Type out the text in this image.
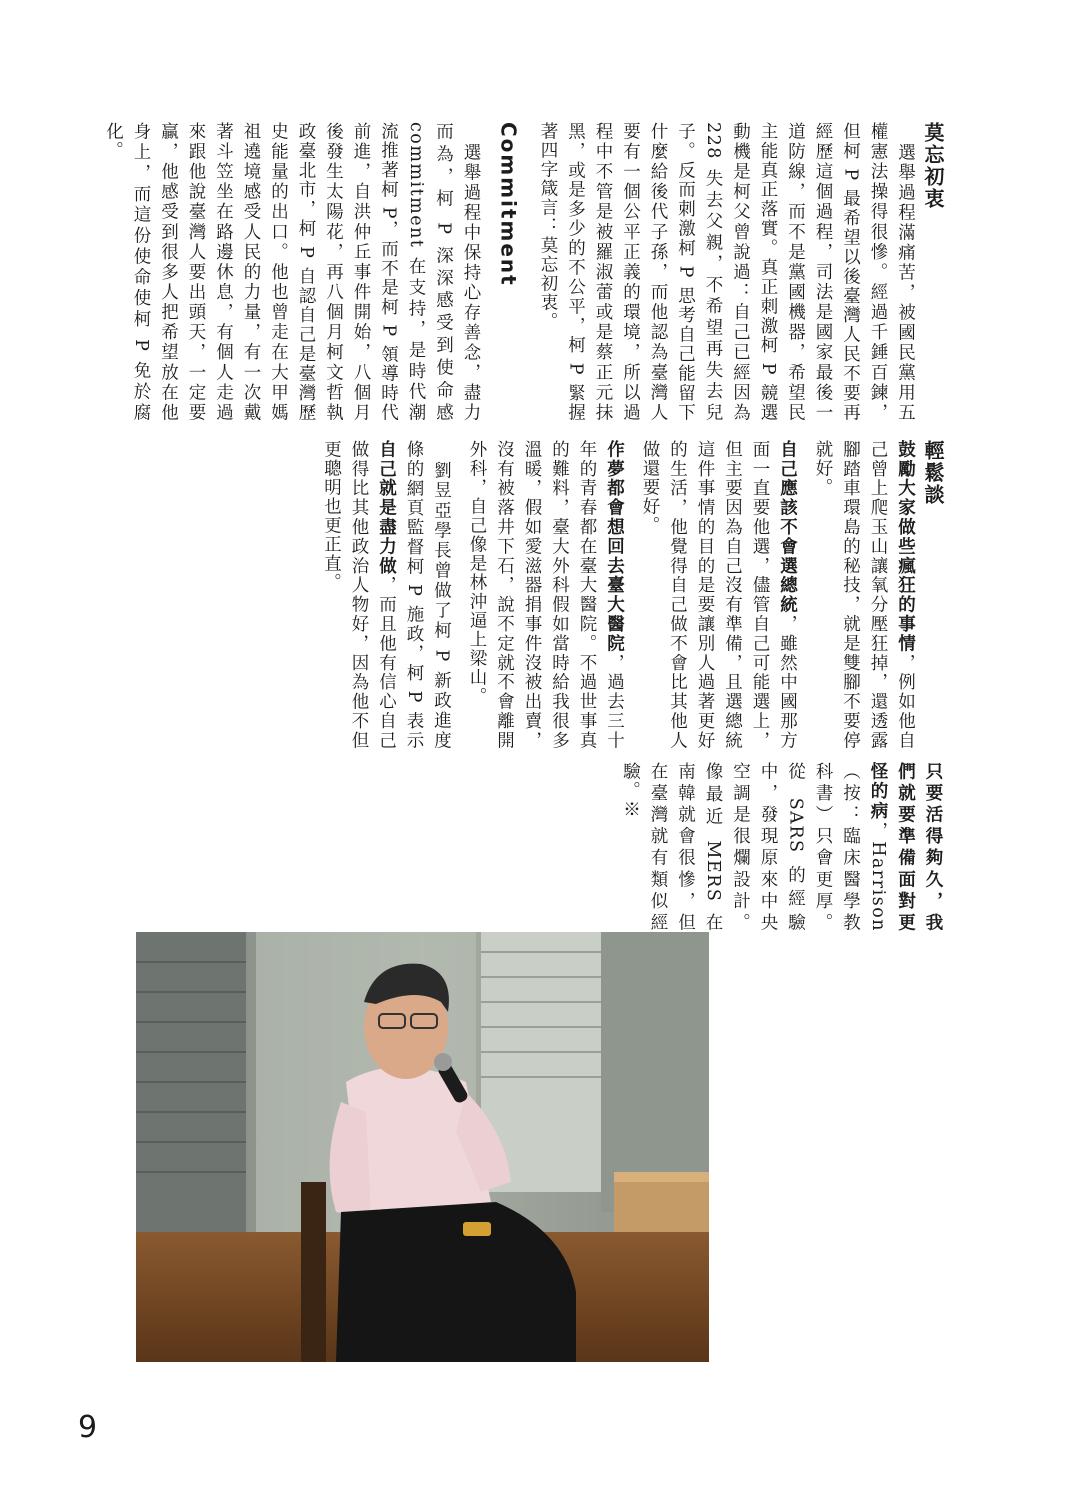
莫忘初衷

選舉過程滿痛苦，被國民黨用五權憲法操得很慘。經過千錘百鍊，但柯 P 最希望以後臺灣人民不要再經歷這個過程，司法是國家最後一道防線，而不是黨國機器，希望民主能真正落實。真正刺激柯 P 競選動機是柯父曾說過：自己已經因為 228 失去父親，不希望再失去兒子。反而刺激柯 P 思考自己能留下什麼給後代子孫，而他認為臺灣人要有一個公平正義的環境，所以過程中不管是被羅淑蕾或是蔡正元抹黑，或是多少的不公平，柯 P 緊握著四字箴言：莫忘初衷。

Commitment

選舉過程中保持心存善念，盡力而為，柯 P 深深感受到使命感 commitment 在支持，是時代潮流推著柯 P，而不是柯 P 領導時代前進，自洪仲丘事件開始，八個月後發生太陽花，再八個月柯文哲執政臺北市，柯 P 自認自己是臺灣歷史能量的出口。他也曾走在大甲媽祖遶境感受人民的力量，有一次戴著斗笠坐在路邊休息，有個人走過來跟他說臺灣人要出頭天，一定要贏，他感受到很多人把希望放在他身上，而這份使命使柯 P 免於腐化。

輕鬆談

鼓勵大家做些瘋狂的事情，例如他自己曾上爬玉山讓氧分壓狂掉，還透露腳踏車環島的秘技，就是雙腳不要停就好。

自己應該不會選總統，雖然中國那方面一直要他選，儘管自己可能選上，但主要因為自己沒有準備，且選總統這件事情的目的是要讓別人過著更好的生活，他覺得自己做不會比其他人做還要好。

作夢都會想回去臺大醫院，過去三十年的青春都在臺大醫院。不過世事真的難料，臺大外科假如當時給我很多溫暖，假如愛滋器捐事件沒被出賣，沒有被落井下石，說不定就不會離開外科，自己像是林沖逼上梁山。

劉昱亞學長曾做了柯 P 新政進度條的網頁監督柯 P 施政，柯 P 表示自己就是盡力做，而且他有信心自己做得比其他政治人物好，因為他不但更聰明也更正直。

只要活得夠久，我們就要準備面對更怪的病，Harrison（按：臨床醫學教科書）只會更厚。從 SARS 的經驗中，發現原來中央空調是很爛設計。像最近 MERS 在南韓就會很慘，但在臺灣就有類似經驗。※

9
